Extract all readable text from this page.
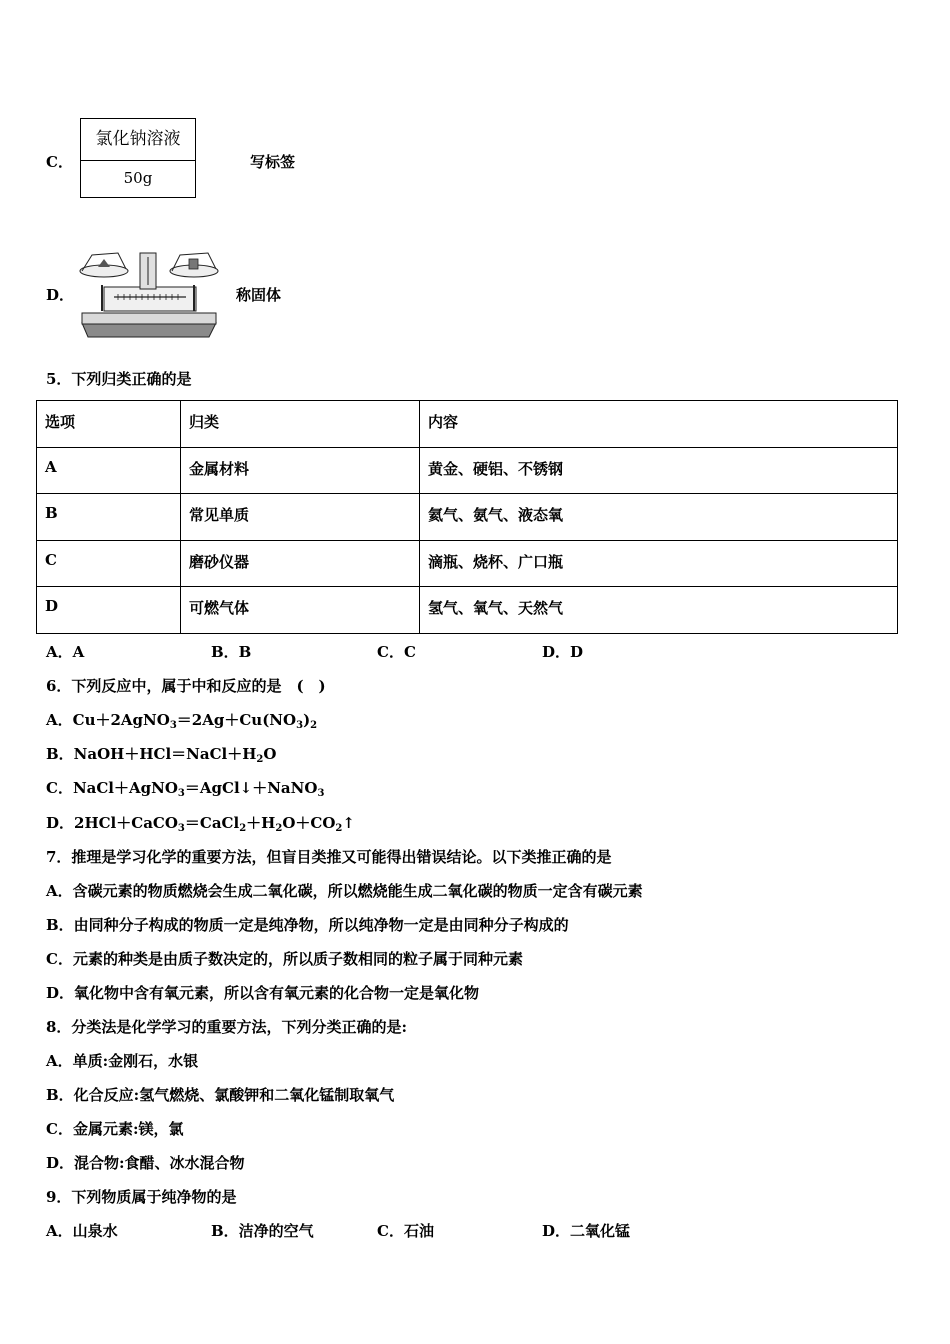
C．
氯化钠溶液
50g
写标签
D．	称固体
5．下列归类正确的是
选项	归类	内容
A	金属材料	黄金、硬铝、不锈钢
B	常见单质	氦气、氨气、液态氧
C	磨砂仪器	滴瓶、烧杯、广口瓶
D	可燃气体	氢气、氧气、天然气
A．A	B．B	C．C	D．D
6．下列反应中，属于中和反应的是　(　)
A．$Cu+2AgNO_3=2Ag+Cu(NO_3)_2$
B．$NaOH+HCl=NaCl+H_2O$
C．NaCl＋AgNO$_3$＝AgCl↓＋NaNO$_3$
D．$2HCl+CaCO_3=CaCl_2+H_2O+CO_2↑$
7．推理是学习化学的重要方法，但盲目类推又可能得出错误结论。以下类推正确的是
A．含碳元素的物质燃烧会生成二氧化碳，所以燃烧能生成二氧化碳的物质一定含有碳元素
B．由同种分子构成的物质一定是纯净物，所以纯净物一定是由同种分子构成的
C．元素的种类是由质子数决定的，所以质子数相同的粒子属于同种元素
D．氧化物中含有氧元素，所以含有氧元素的化合物一定是氧化物
8．分类法是化学学习的重要方法，下列分类正确的是:
A．单质:金刚石，水银
B．化合反应:氢气燃烧、氯酸钾和二氧化锰制取氧气
C．金属元素:镁，氯
D．混合物:食醋、冰水混合物
9．下列物质属于纯净物的是
A．山泉水	B．洁净的空气	C．石油	D．二氧化锰
